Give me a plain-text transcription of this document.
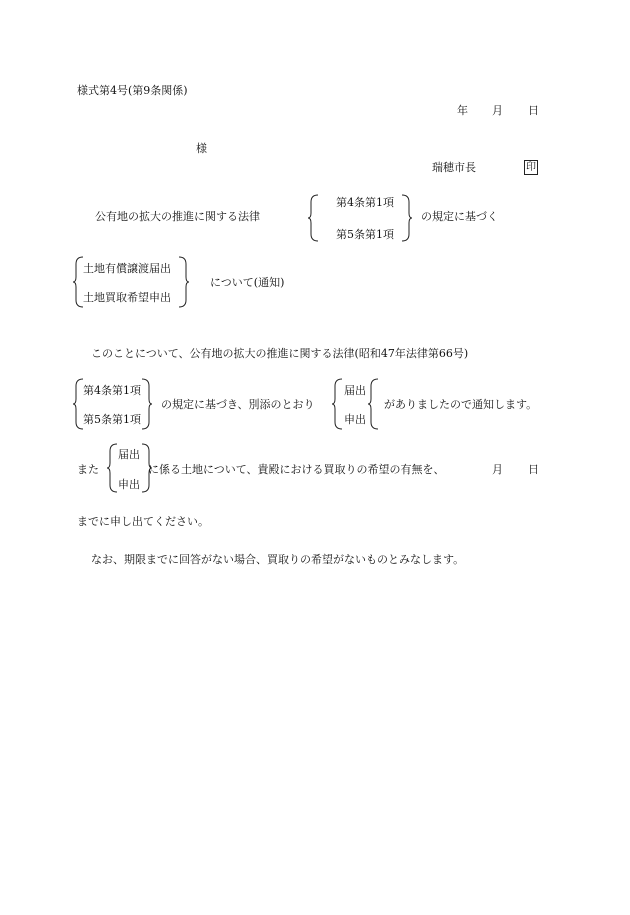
様式第4号(第9条関係)
年 月 日
様
瑞穂市長	印
公有地の拡大の推進に関する法律
第4条第1項
第5条第1項
の規定に基づく
土地有償譲渡届出
土地買取希望申出
について(通知)
このことについて、公有地の拡大の推進に関する法律(昭和47年法律第66号)
第4条第1項
第5条第1項
の規定に基づき、別添のとおり
届出
申出
がありましたので通知します。
また
届出
申出
に係る土地について、貴殿における買取りの希望の有無を、	月 日
までに申し出てください。
なお、期限までに回答がない場合、買取りの希望がないものとみなします。
